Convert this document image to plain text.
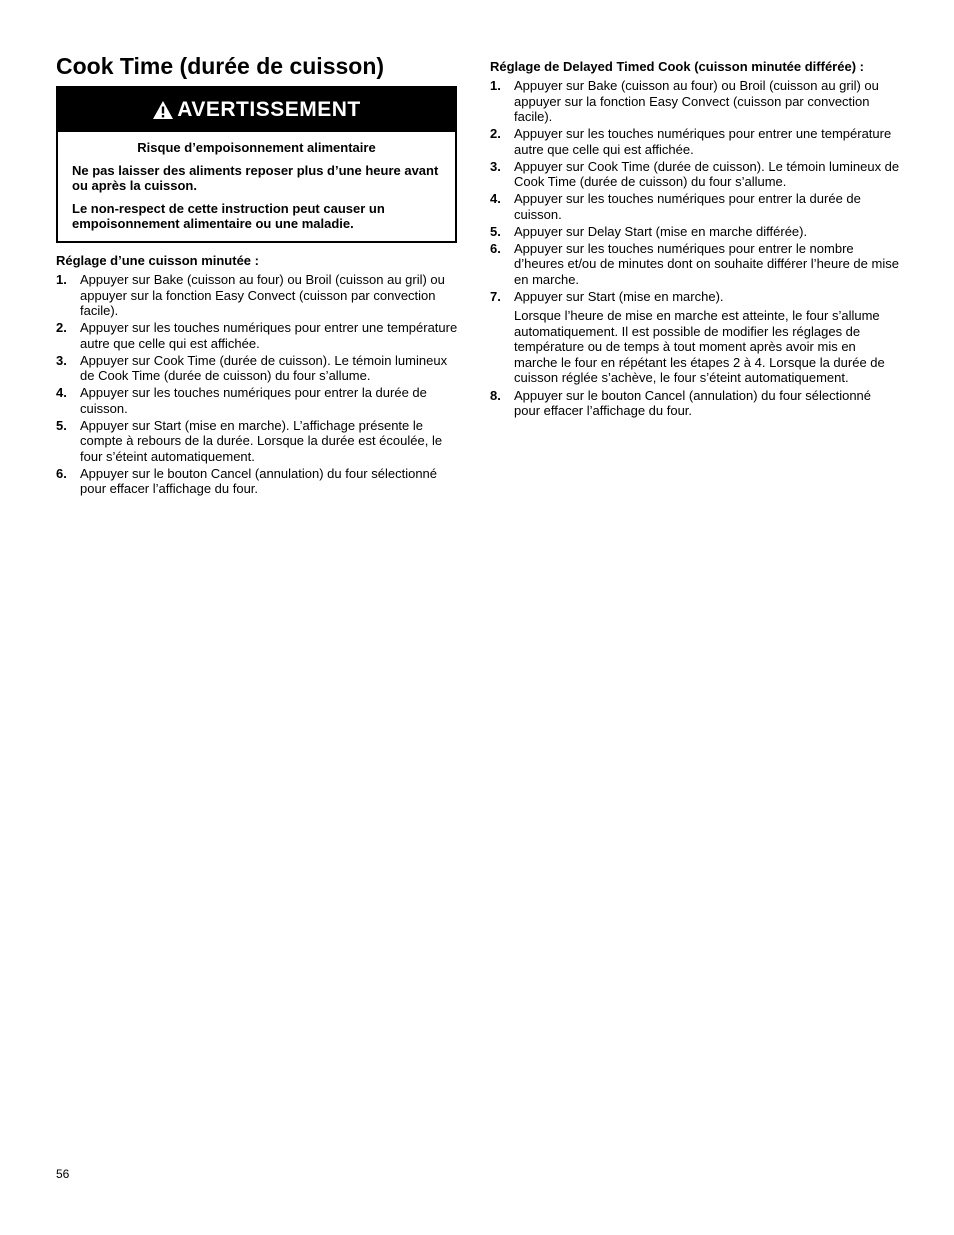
Cook Time (durée de cuisson)
AVERTISSEMENT

Risque d’empoisonnement alimentaire

Ne pas laisser des aliments reposer plus d’une heure avant ou après la cuisson.

Le non-respect de cette instruction peut causer un empoisonnement alimentaire ou une maladie.

Réglage d’une cuisson minutée :

1.	Appuyer sur Bake (cuisson au four) ou Broil (cuisson au gril) ou appuyer sur la fonction Easy Convect (cuisson par convection facile).
2.	Appuyer sur les touches numériques pour entrer une température autre que celle qui est affichée.
3.	Appuyer sur Cook Time (durée de cuisson). Le témoin lumineux de Cook Time (durée de cuisson) du four s’allume.
4.	Appuyer sur les touches numériques pour entrer la durée de cuisson.
5.	Appuyer sur Start (mise en marche). L’affichage présente le compte à rebours de la durée. Lorsque la durée est écoulée, le four s’éteint automatiquement.
6.	Appuyer sur le bouton Cancel (annulation) du four sélectionné pour effacer l’affichage du four.

Réglage de Delayed Timed Cook (cuisson minutée différée) :

1.	Appuyer sur Bake (cuisson au four) ou Broil (cuisson au gril) ou appuyer sur la fonction Easy Convect (cuisson par convection facile).
2.	Appuyer sur les touches numériques pour entrer une température autre que celle qui est affichée.
3.	Appuyer sur Cook Time (durée de cuisson). Le témoin lumineux de Cook Time (durée de cuisson) du four s’allume.
4.	Appuyer sur les touches numériques pour entrer la durée de cuisson.
5.	Appuyer sur Delay Start (mise en marche différée).
6.	Appuyer sur les touches numériques pour entrer le nombre d’heures et/ou de minutes dont on souhaite différer l’heure de mise en marche.
7.	Appuyer sur Start (mise en marche).

Lorsque l’heure de mise en marche est atteinte, le four s’allume automatiquement. Il est possible de modifier les réglages de température ou de temps à tout moment après avoir mis en marche le four en répétant les étapes 2 à 4. Lorsque la durée de cuisson réglée s’achève, le four s’éteint automatiquement.

8.	Appuyer sur le bouton Cancel (annulation) du four sélectionné pour effacer l’affichage du four.
56
